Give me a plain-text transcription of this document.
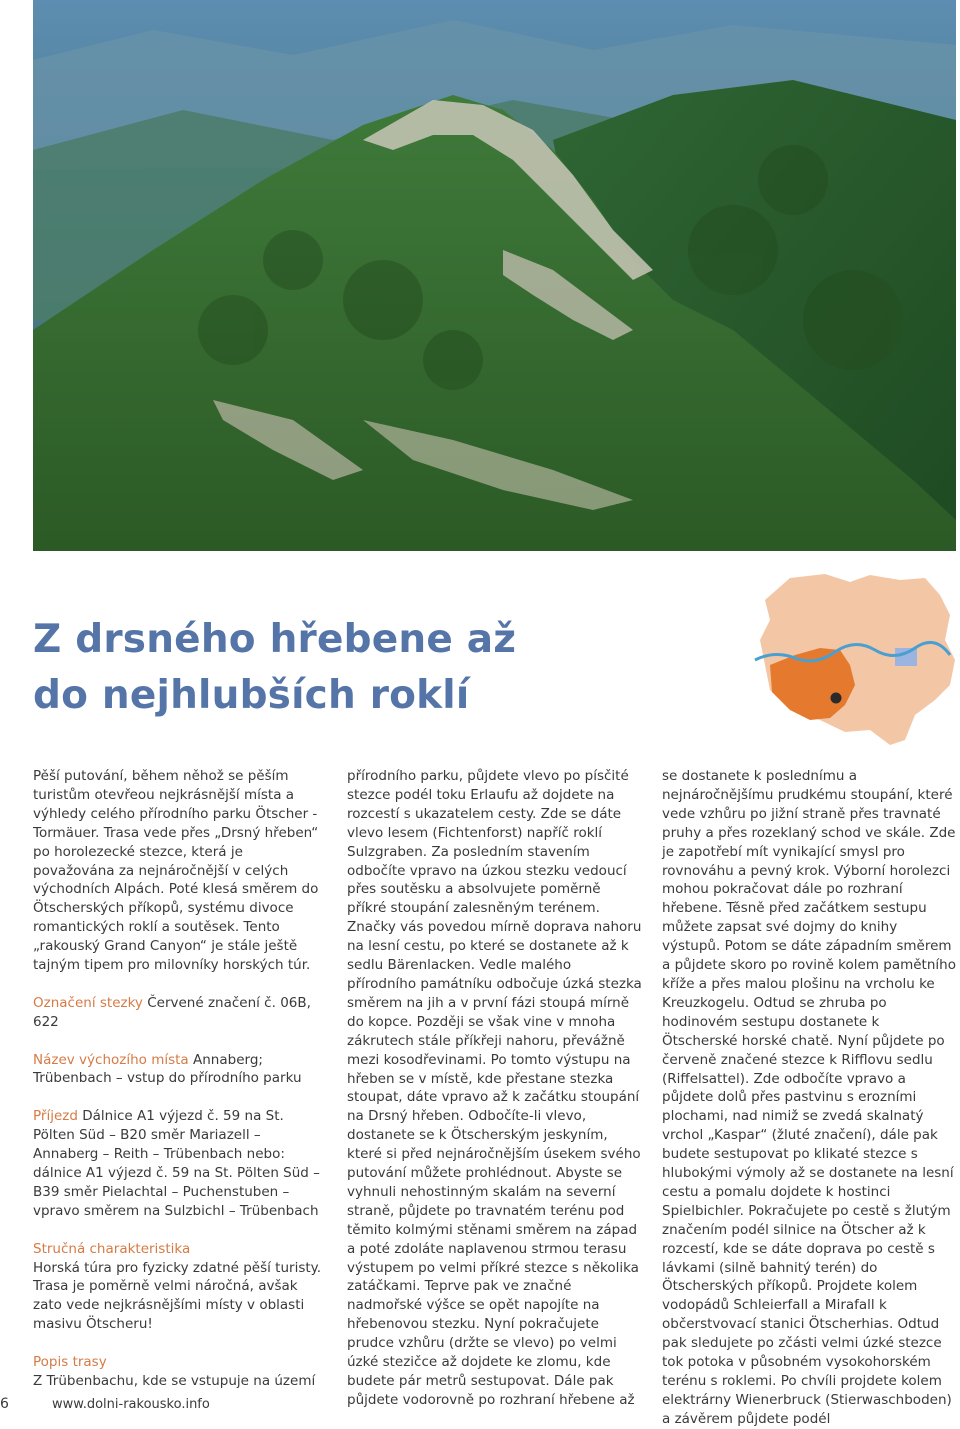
Z drsného hřebene až
do nejhlubších roklí

Pěší putování, během něhož se pěším turistům otevřeou nejkrásnější místa a výhledy celého přírodního parku Ötscher - Tormäuer. Trasa vede přes „Drsný hřeben“ po horolezecké stezce, která je považována za nejnáročnější v celých východních Alpách. Poté klesá směrem do Ötscherských příkopů, systému divoce romantických roklí a soutěsek. Tento „rakouský Grand Canyon“ je stále ještě tajným tipem pro milovníky horských túr.

Označení stezky Červené značení č. 06B, 622

Název výchozího místa Annaberg; Trübenbach – vstup do přírodního parku

Příjezd Dálnice A1 výjezd č. 59 na St. Pölten Süd – B20 směr Mariazell – Annaberg – Reith – Trübenbach nebo: dálnice A1 výjezd č. 59 na St. Pölten Süd – B39 směr Pielachtal – Puchenstuben – vpravo směrem na Sulzbichl – Trübenbach

Stručná charakteristika

Horská túra pro fyzicky zdatné pěší turisty. Trasa je poměrně velmi náročná, avšak zato vede nejkrásnějšími místy v oblasti masivu Ötscheru!

Popis trasy

Z Trübenbachu, kde se vstupuje na území

přírodního parku, půjdete vlevo po písčité stezce podél toku Erlaufu až dojdete na rozcestí s ukazatelem cesty. Zde se dáte vlevo lesem (Fichtenforst) napříč roklí Sulzgraben. Za posledním stavením odbočíte vpravo na úzkou stezku vedoucí přes soutěsku a absolvujete poměrně příkré stoupání zalesněným terénem. Značky vás povedou mírně doprava nahoru na lesní cestu, po které se dostanete až k sedlu Bärenlacken. Vedle malého přírodního památníku odbočuje úzká stezka směrem na jih a v první fázi stoupá mírně do kopce. Později se však vine v mnoha zákrutech stále příkřeji nahoru, převážně mezi kosodřevinami. Po tomto výstupu na hřeben se v místě, kde přestane stezka stoupat, dáte vpravo až k začátku stoupání na Drsný hřeben. Odbočíte-li vlevo, dostanete se k Ötscherským jeskyním, které si před nejnáročnějším úsekem svého putování můžete prohlédnout. Abyste se vyhnuli nehostinným skalám na severní straně, půjdete po travnatém terénu pod těmito kolmými stěnami směrem na západ a poté zdoláte naplavenou strmou terasu výstupem po velmi příkré stezce s několika zatáčkami. Teprve pak ve značné nadmořské výšce se opět napojíte na hřebenovou stezku. Nyní pokračujete prudce vzhůru (držte se vlevo) po velmi úzké stezičce až dojdete ke zlomu, kde budete pár metrů sestupovat. Dále pak půjdete vodorovně po rozhraní hřebene až

se dostanete k poslednímu a nejnáročnějšímu prudkému stoupání, které vede vzhůru po jižní straně přes travnaté pruhy a přes rozeklaný schod ve skále. Zde je zapotřebí mít vynikající smysl pro rovnováhu a pevný krok. Výborní horolezci mohou pokračovat dále po rozhraní hřebene. Těsně před začátkem sestupu můžete zapsat své dojmy do knihy výstupů. Potom se dáte západním směrem a půjdete skoro po rovině kolem pamětního kříže a přes malou plošinu na vrcholu ke Kreuzkogelu. Odtud se zhruba po hodinovém sestupu dostanete k Ötscherské horské chatě. Nyní půjdete po červeně značené stezce k Rifflovu sedlu (Riffelsattel). Zde odbočíte vpravo a půjdete dolů přes pastvinu s erozními plochami, nad nimiž se zvedá skalnatý vrchol „Kaspar“ (žluté značení), dále pak budete sestupovat po klikaté stezce s hlubokými výmoly až se dostanete na lesní cestu a pomalu dojdete k hostinci Spielbichler. Pokračujete po cestě s žlutým značením podél silnice na Ötscher až k rozcestí, kde se dáte doprava po cestě s lávkami (silně bahnitý terén) do Ötscherských příkopů. Projdete kolem vodopádů Schleierfall a Mirafall k občerstvovací stanici Ötscherhias. Odtud pak sledujete po zčásti velmi úzké stezce tok potoka v působném vysokohorském terénu s roklemi. Po chvíli projdete kolem elektrárny Wienerbruck (Stierwaschboden) a závěrem půjdete podél

6	www.dolni-rakousko.info
